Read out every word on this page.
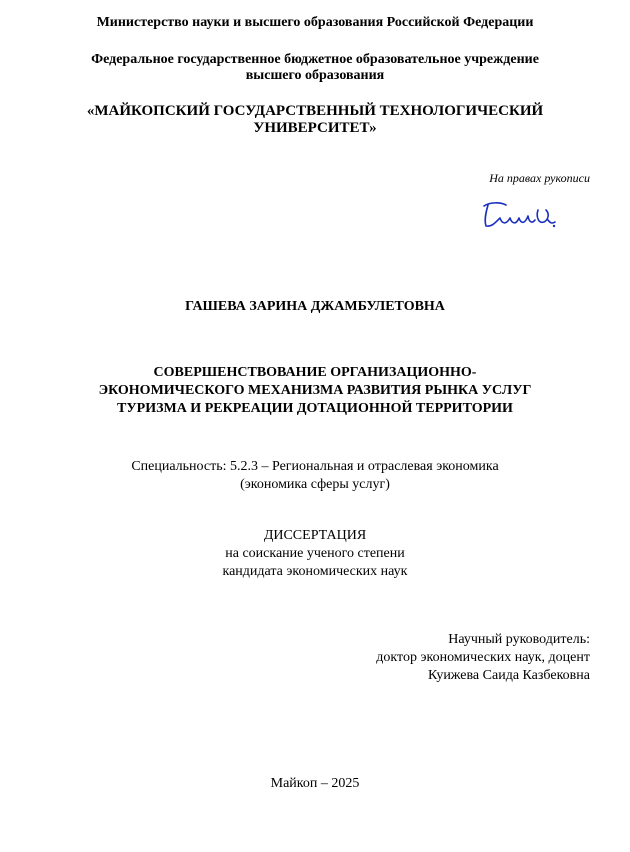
Министерство науки и высшего образования Российской Федерации
Федеральное государственное бюджетное образовательное учреждение
высшего образования
«МАЙКОПСКИЙ ГОСУДАРСТВЕННЫЙ ТЕХНОЛОГИЧЕСКИЙ
УНИВЕРСИТЕТ»
На правах рукописи
ГАШЕВА ЗАРИНА ДЖАМБУЛЕТОВНА
СОВЕРШЕНСТВОВАНИЕ ОРГАНИЗАЦИОННО-
ЭКОНОМИЧЕСКОГО МЕХАНИЗМА РАЗВИТИЯ РЫНКА УСЛУГ
ТУРИЗМА И РЕКРЕАЦИИ ДОТАЦИОННОЙ ТЕРРИТОРИИ
Специальность: 5.2.3 – Региональная и отраслевая экономика
(экономика сферы услуг)
ДИССЕРТАЦИЯ
на соискание ученого степени
кандидата экономических наук
Научный руководитель:
доктор экономических наук, доцент
Куижева Саида Казбековна
Майкоп – 2025
